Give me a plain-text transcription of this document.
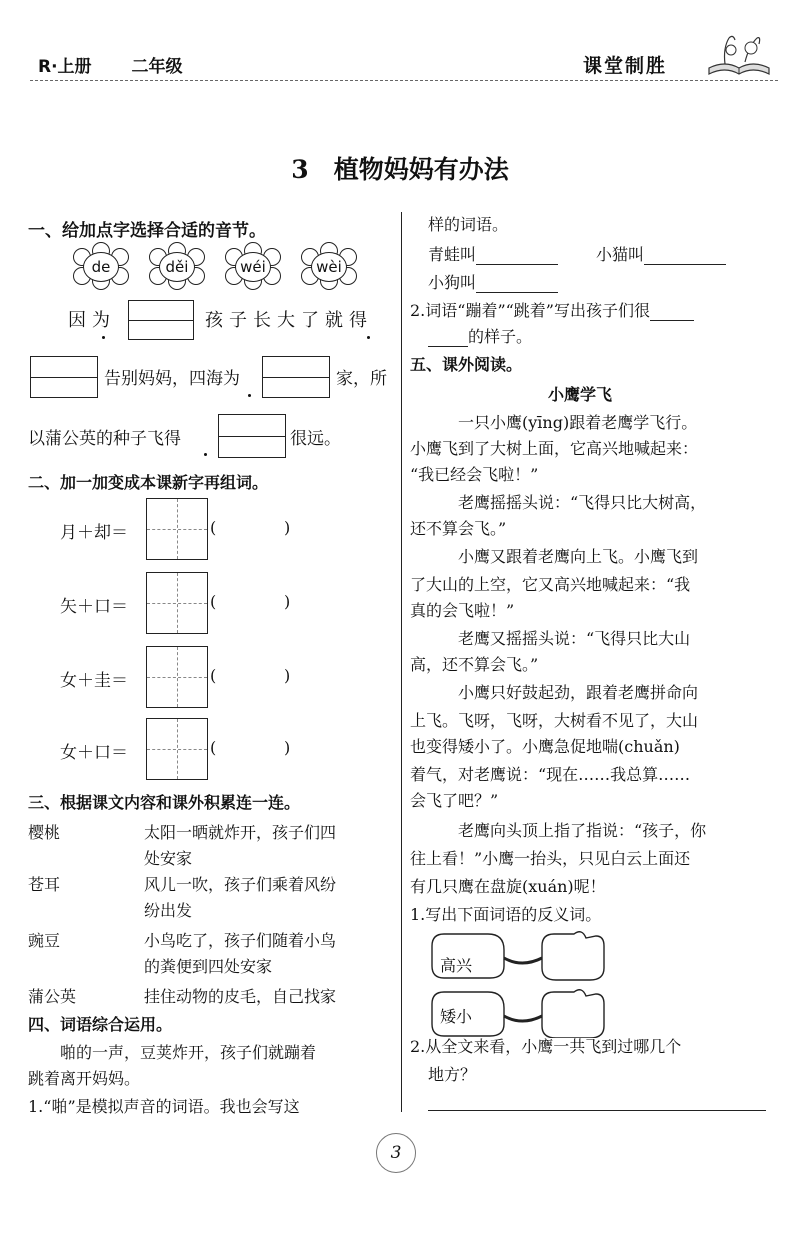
R·上册 二年级	课堂制胜
3　植物妈妈有办法
一、给加点字选择合适的音节。
de	děi	wéi	wèi
因为	孩子长大了就得
告别妈妈，四海为	家，所
以蒲公英的种子飞得	很远。
二、加一加变成本课新字再组词。
月＋却＝	(	)
矢＋口＝	(	)
女＋圭＝	(	)
女＋口＝	(	)
三、根据课文内容和课外积累连一连。
樱桃	太阳一晒就炸开，孩子们四
处安家
苍耳	风儿一吹，孩子们乘着风纷
纷出发
豌豆	小鸟吃了，孩子们随着小鸟
的粪便到四处安家
蒲公英	挂住动物的皮毛，自己找家
四、词语综合运用。
啪的一声，豆荚炸开，孩子们就蹦着
跳着离开妈妈。
1.“啪”是模拟声音的词语。我也会写这
样的词语。
青蛙叫	小猫叫
小狗叫
2.词语“蹦着”“跳着”写出孩子们很
的样子。
五、课外阅读。
小鹰学飞
一只小鹰(yīng)跟着老鹰学飞行。
小鹰飞到了大树上面，它高兴地喊起来：
“我已经会飞啦！”
老鹰摇摇头说：“飞得只比大树高，
还不算会飞。”
小鹰又跟着老鹰向上飞。小鹰飞到
了大山的上空，它又高兴地喊起来：“我
真的会飞啦！”
老鹰又摇摇头说：“飞得只比大山
高，还不算会飞。”
小鹰只好鼓起劲，跟着老鹰拼命向
上飞。飞呀，飞呀，大树看不见了，大山
也变得矮小了。小鹰急促地喘(chuǎn)
着气，对老鹰说：“现在……我总算……
会飞了吧？”
老鹰向头顶上指了指说：“孩子，你
往上看！”小鹰一抬头，只见白云上面还
有几只鹰在盘旋(xuán)呢！
1.写出下面词语的反义词。
高兴
矮小
2.从全文来看，小鹰一共飞到过哪几个
地方？
3
